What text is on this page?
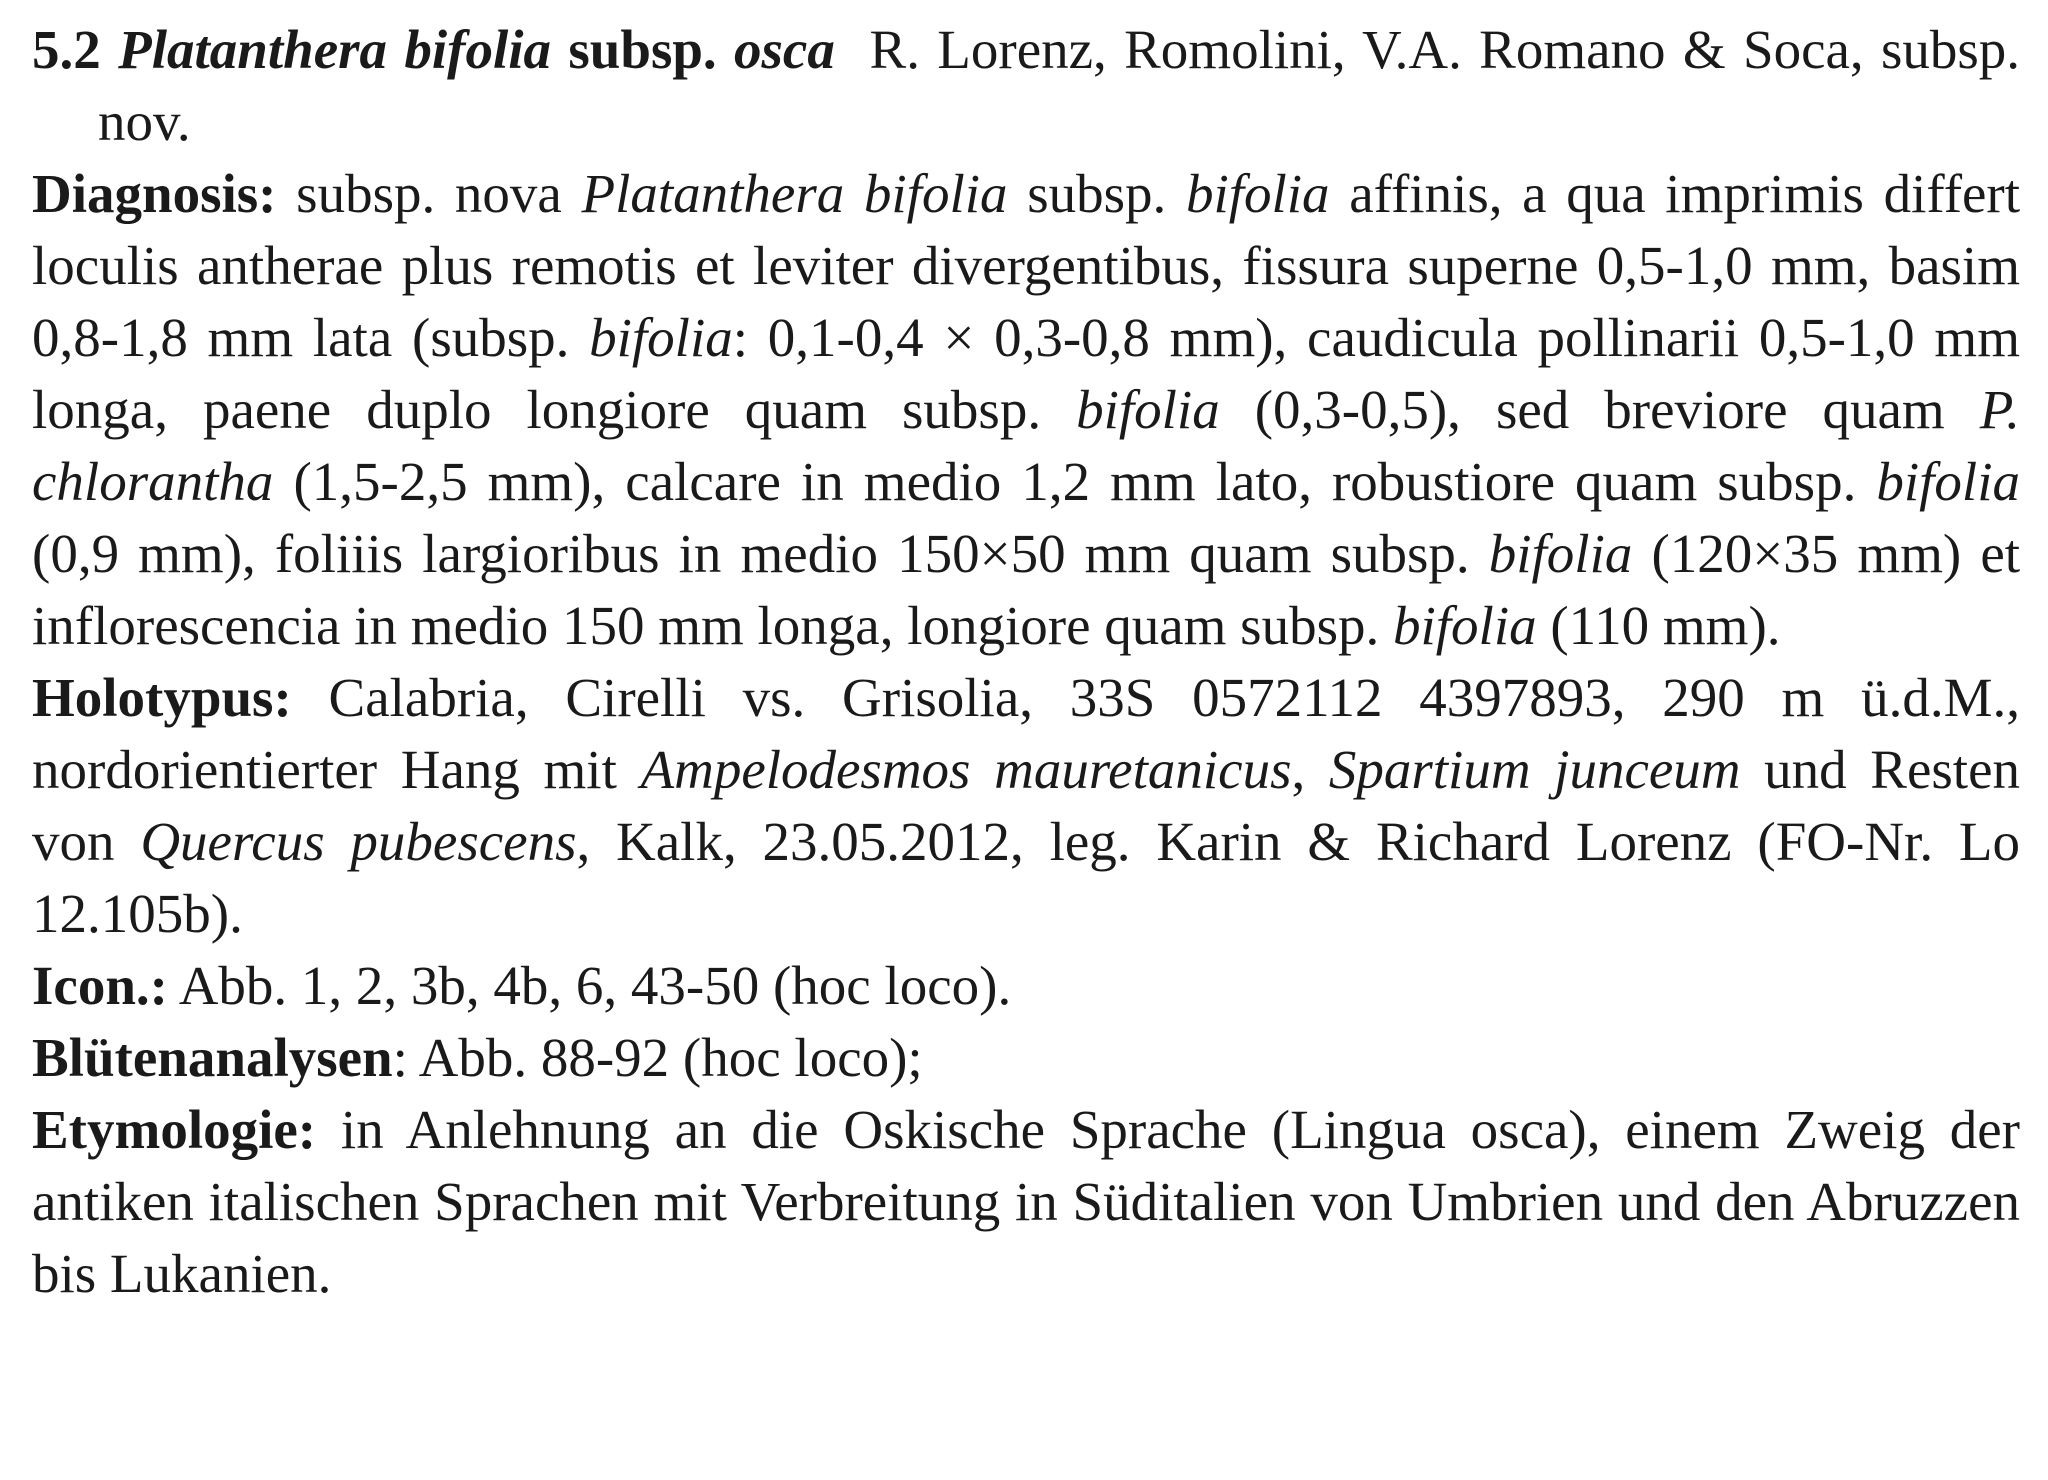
5.2 Platanthera bifolia subsp. osca R. Lorenz, Romolini, V.A. Romano & Soca, subsp. nov.

Diagnosis: subsp. nova Platanthera bifolia subsp. bifolia affinis, a qua imprimis differt loculis antherae plus remotis et leviter divergentibus, fissura superne 0,5-1,0 mm, basim 0,8-1,8 mm lata (subsp. bifolia: 0,1-0,4 × 0,3-0,8 mm), caudicula pollinarii 0,5-1,0 mm longa, paene duplo longiore quam subsp. bifolia (0,3-0,5), sed breviore quam P. chlorantha (1,5-2,5 mm), calcare in medio 1,2 mm lato, robustiore quam subsp. bifolia (0,9 mm), foliiis largioribus in medio 150×50 mm quam subsp. bifolia (120×35 mm) et inflorescencia in medio 150 mm longa, longiore quam subsp. bifolia (110 mm).

Holotypus: Calabria, Cirelli vs. Grisolia, 33S 0572112 4397893, 290 m ü.d.M., nordorientierter Hang mit Ampelodesmos mauretanicus, Spartium junceum und Resten von Quercus pubescens, Kalk, 23.05.2012, leg. Karin & Richard Lorenz (FO-Nr. Lo 12.105b).

Icon.: Abb. 1, 2, 3b, 4b, 6, 43-50 (hoc loco).

Blütenanalysen: Abb. 88-92 (hoc loco);

Etymologie: in Anlehnung an die Oskische Sprache (Lingua osca), einem Zweig der antiken italischen Sprachen mit Verbreitung in Süditalien von Umbrien und den Abruzzen bis Lukanien.
